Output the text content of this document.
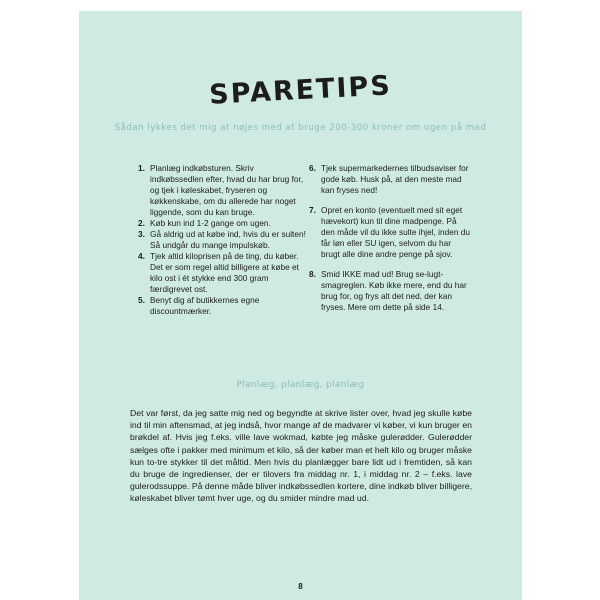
SPARETIPS
Sådan lykkes det mig at nøjes med at bruge 200-300 kroner om ugen på mad
1. Planlæg indkøbsturen. Skriv indkøbssedlen efter, hvad du har brug for, og tjek i køleskabet, fryseren og køkkenskabe, om du allerede har noget liggende, som du kan bruge.
2. Køb kun ind 1-2 gange om ugen.
3. Gå aldrig ud at købe ind, hvis du er sulten! Så undgår du mange impulskøb.
4. Tjek altid kiloprisen på de ting, du køber. Det er som regel altid billigere at købe et kilo ost i ét stykke end 300 gram færdigrevet ost.
5. Benyt dig af butikkernes egne discountmærker.
6. Tjek supermarkedernes tilbudsaviser for gode køb. Husk på, at den meste mad kan fryses ned!
7. Opret en konto (eventuelt med sit eget hævekort) kun til dine madpenge. På den måde vil du ikke sulte ihjel, inden du får løn eller SU igen, selvom du har brugt alle dine andre penge på sjov.
8. Smid IKKE mad ud! Brug se-lugt-smagreglen. Køb ikke mere, end du har brug for, og frys alt det ned, der kan fryses. Mere om dette på side 14.
Planlæg, planlæg, planlæg

Det var først, da jeg satte mig ned og begyndte at skrive lister over, hvad jeg skulle købe ind til min aftensmad, at jeg indså, hvor mange af de madvarer vi køber, vi kun bruger en brøkdel af. Hvis jeg f.eks. ville lave wokmad, købte jeg måske gulerødder. Gulerødder sælges ofte i pakker med minimum et kilo, så der køber man et helt kilo og bruger måske kun to-tre stykker til det måltid. Men hvis du planlægger bare lidt ud i fremtiden, så kan du bruge de ingredienser, der er tilovers fra middag nr. 1, i middag nr. 2 – f.eks. lave gulerodssuppe. På denne måde bliver indkøbssedlen kortere, dine indkøb bliver billigere, køleskabet bliver tømt hver uge, og du smider mindre mad ud.

8
